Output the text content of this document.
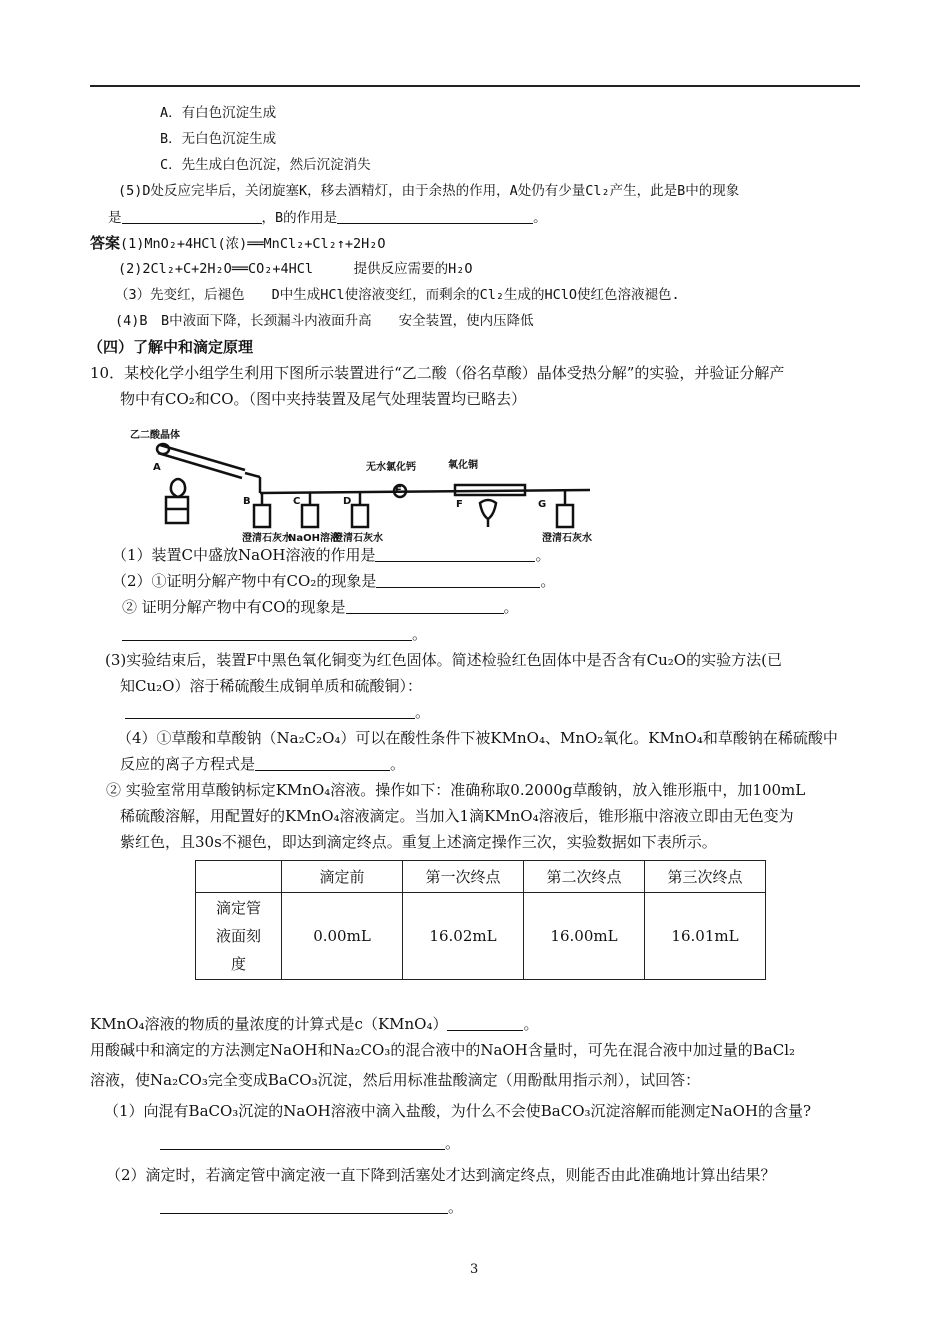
A．有白色沉淀生成
B．无白色沉淀生成
C．先生成白色沉淀，然后沉淀消失
(5)D处反应完毕后，关闭旋塞K，移去酒精灯，由于余热的作用，A处仍有少量Cl₂产生，此是B中的现象
是	，B的作用是	。
答案(1)MnO₂+4HCl(浓)══MnCl₂+Cl₂↑+2H₂O
(2)2Cl₂+C+2H₂O══CO₂+4HCl　　　提供反应需要的H₂O
（3）先变红，后褪色　　D中生成HCl使溶液变红，而剩余的Cl₂生成的HClO使红色溶液褪色.
(4)B　B中液面下降，长颈漏斗内液面升高　　安全装置，使内压降低
（四）了解中和滴定原理
10．某校化学小组学生利用下图所示装置进行“乙二酸（俗名草酸）晶体受热分解”的实验，并验证分解产
物中有CO₂和CO。（图中夹持装置及尾气处理装置均已略去）
乙二酸晶体
A
B	C	D
E
F	G
无水氯化钙	氧化铜
澄清石灰水
NaOH溶液
澄清石灰水	澄清石灰水
（1）装置C中盛放NaOH溶液的作用是	。
（2）①证明分解产物中有CO₂的现象是	。
② 证明分解产物中有CO的现象是	。
。
(3)实验结束后，装置F中黑色氧化铜变为红色固体。简述检验红色固体中是否含有Cu₂O的实验方法(已
知Cu₂O）溶于稀硫酸生成铜单质和硫酸铜）：
。
（4）①草酸和草酸钠（Na₂C₂O₄）可以在酸性条件下被KMnO₄、MnO₂氧化。KMnO₄和草酸钠在稀硫酸中
反应的离子方程式是	。
② 实验室常用草酸钠标定KMnO₄溶液。操作如下：准确称取0.2000g草酸钠，放入锥形瓶中，加100mL
稀硫酸溶解，用配置好的KMnO₄溶液滴定。当加入1滴KMnO₄溶液后，锥形瓶中溶液立即由无色变为
紫红色，且30s不褪色，即达到滴定终点。重复上述滴定操作三次，实验数据如下表所示。
	滴定前	第一次终点	第二次终点	第三次终点

滴定管
液面刻
度	0.00mL	16.02mL	16.00mL	16.01mL
KMnO₄溶液的物质的量浓度的计算式是c（KMnO₄）	。
用酸碱中和滴定的方法测定NaOH和Na₂CO₃的混合液中的NaOH含量时，可先在混合液中加过量的BaCl₂
溶液，使Na₂CO₃完全变成BaCO₃沉淀，然后用标准盐酸滴定（用酚酞用指示剂），试回答：
（1）向混有BaCO₃沉淀的NaOH溶液中滴入盐酸，为什么不会使BaCO₃沉淀溶解而能测定NaOH的含量?
。
（2）滴定时，若滴定管中滴定液一直下降到活塞处才达到滴定终点，则能否由此准确地计算出结果？
。
3
